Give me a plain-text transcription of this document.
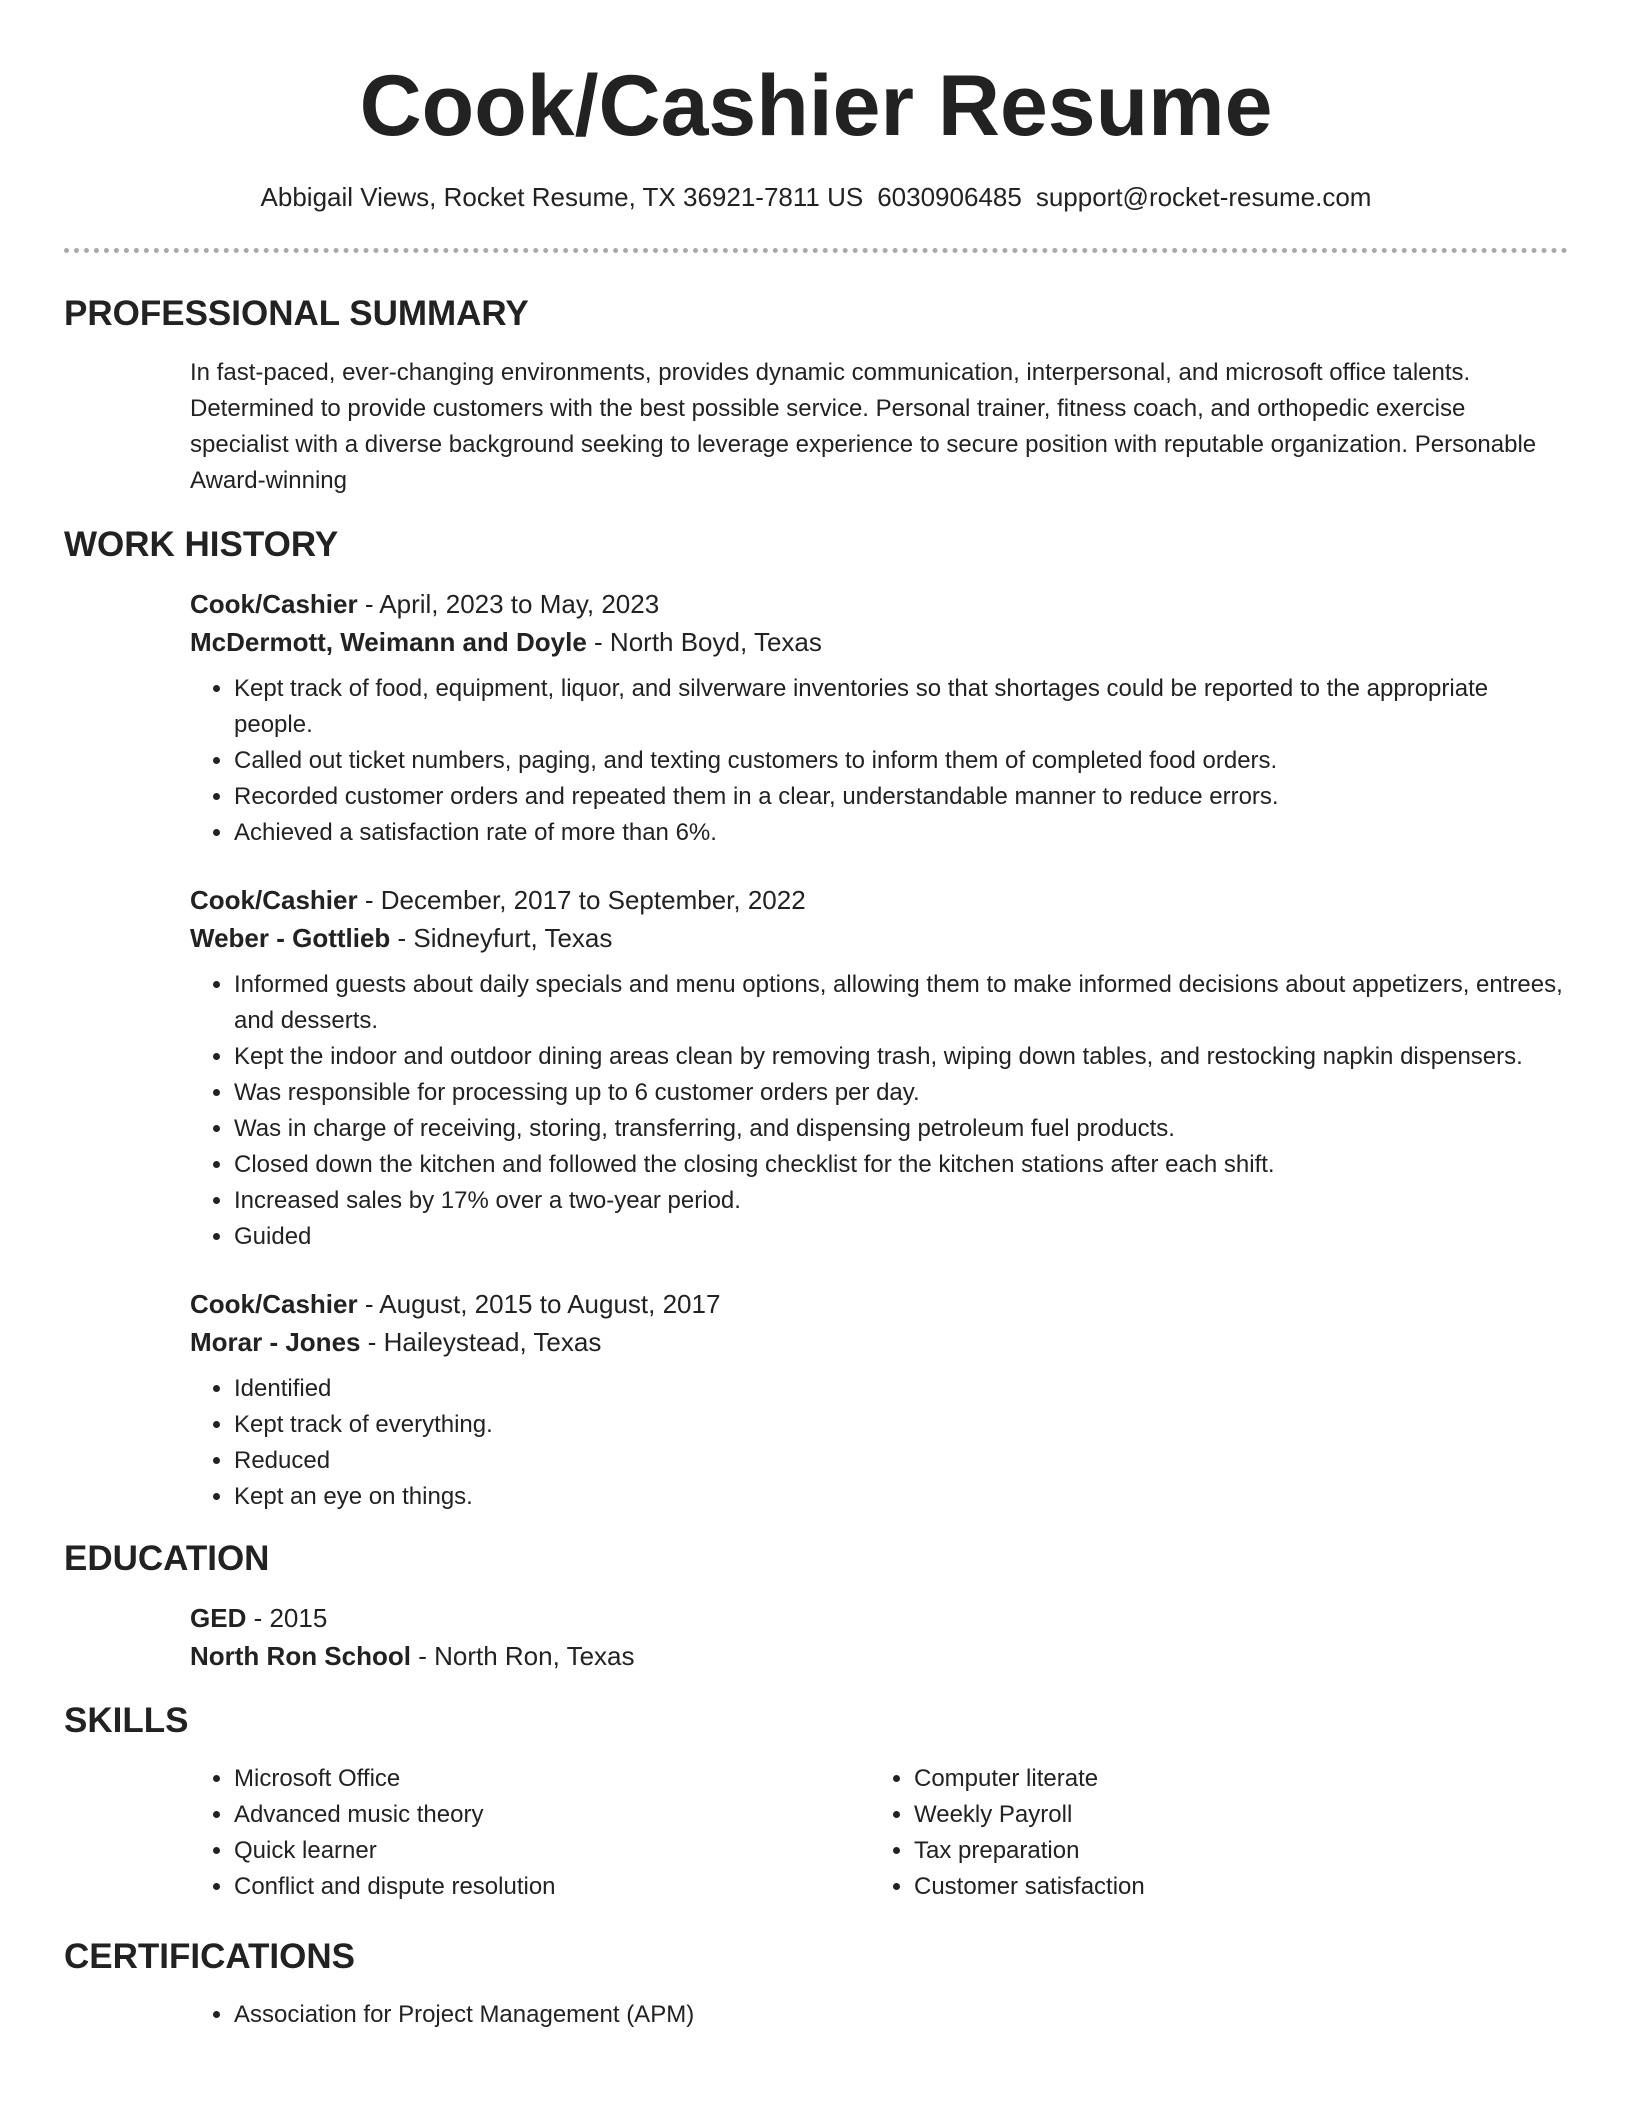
Cook/Cashier Resume
Abbigail Views, Rocket Resume, TX 36921-7811 US 6030906485 support@rocket-resume.com
PROFESSIONAL SUMMARY

In fast-paced, ever-changing environments, provides dynamic communication, interpersonal, and microsoft office talents. Determined to provide customers with the best possible service. Personal trainer, fitness coach, and orthopedic exercise specialist with a diverse background seeking to leverage experience to secure position with reputable organization. Personable Award-winning

WORK HISTORY
Cook/Cashier - April, 2023 to May, 2023
McDermott, Weimann and Doyle - North Boyd, Texas
• Kept track of food, equipment, liquor, and silverware inventories so that shortages could be reported to the appropriate people.
• Called out ticket numbers, paging, and texting customers to inform them of completed food orders.
• Recorded customer orders and repeated them in a clear, understandable manner to reduce errors.
• Achieved a satisfaction rate of more than 6%.
Cook/Cashier - December, 2017 to September, 2022
Weber - Gottlieb - Sidneyfurt, Texas
• Informed guests about daily specials and menu options, allowing them to make informed decisions about appetizers, entrees, and desserts.
• Kept the indoor and outdoor dining areas clean by removing trash, wiping down tables, and restocking napkin dispensers.
• Was responsible for processing up to 6 customer orders per day.
• Was in charge of receiving, storing, transferring, and dispensing petroleum fuel products.
• Closed down the kitchen and followed the closing checklist for the kitchen stations after each shift.
• Increased sales by 17% over a two-year period.
• Guided
Cook/Cashier - August, 2015 to August, 2017
Morar - Jones - Haileystead, Texas
• Identified
• Kept track of everything.
• Reduced
• Kept an eye on things.
EDUCATION
GED - 2015
North Ron School - North Ron, Texas
SKILLS
• Microsoft Office
• Advanced music theory
• Quick learner
• Conflict and dispute resolution
• Computer literate
• Weekly Payroll
• Tax preparation
• Customer satisfaction
CERTIFICATIONS
• Association for Project Management (APM)
